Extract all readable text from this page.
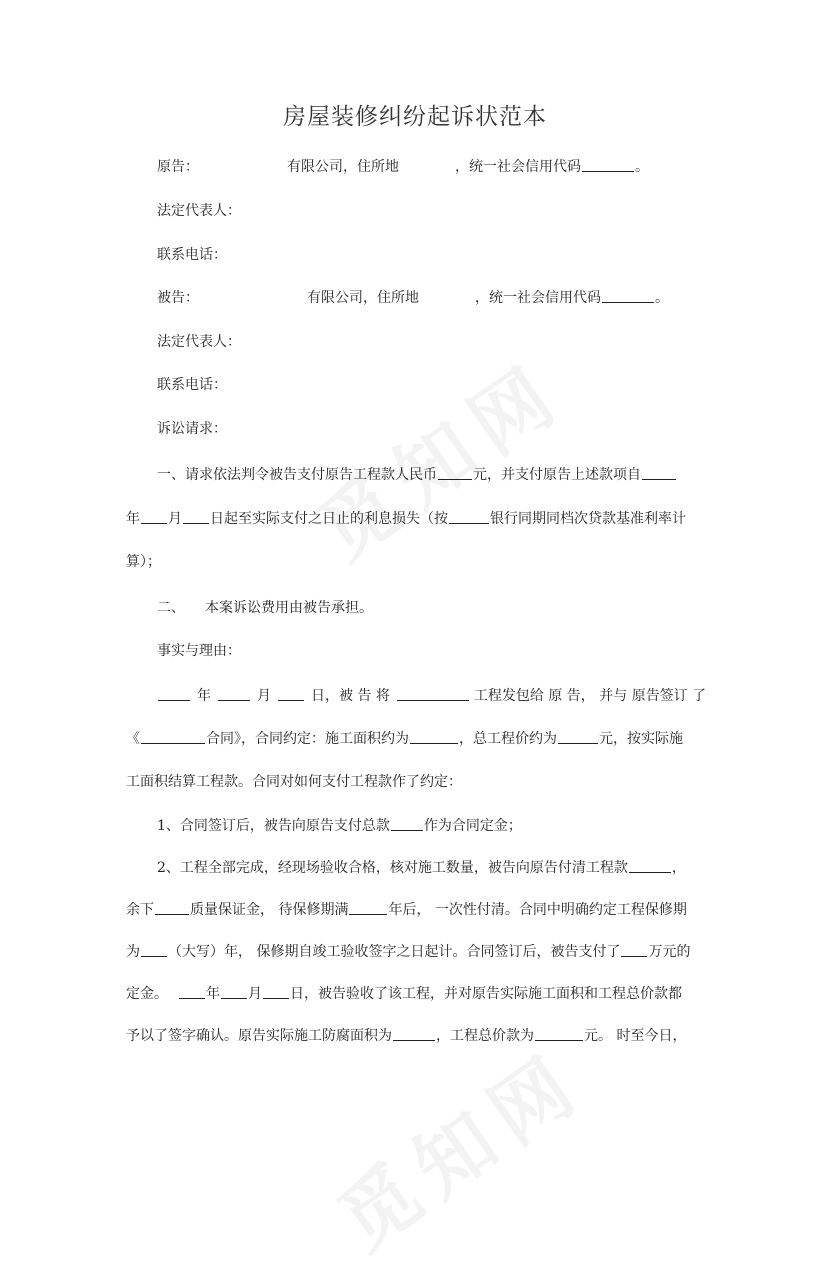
房屋装修纠纷起诉状范本
原告：	有限公司，住所地	，统一社会信用代码	。
法定代表人：
联系电话：
被告：	有限公司，住所地	，统一社会信用代码	。
法定代表人：
联系电话：
诉讼请求：
一、请求依法判令被告支付原告工程款人民币	元，并支付原告上述款项自
年 月 日起至实际支付之日止的利息损失（按	银行同期同档次贷款基准利率计
算）；
二、 本案诉讼费用由被告承担。
事实与理由：
年	月	日，被 告 将	工程发包给 原 告， 并与 原告签订 了
《	合同》，合同约定：施工面积约为	，总工程价约为	元，按实际施
工面积结算工程款。合同对如何支付工程款作了约定：
1、合同签订后，被告向原告支付总款 作为合同定金；
2、工程全部完成，经现场验收合格，核对施工数量，被告向原告付清工程款	，
余下	质量保证金， 待保修期满	年后， 一次性付清。合同中明确约定工程保修期
为 （大写）年， 保修期自竣工验收签字之日起计。合同签订后，被告支付了 万元的
定金。	年 月 日，被告验收了该工程，并对原告实际施工面积和工程总价款都
予以了签字确认。原告实际施工防腐面积为	，工程总价款为	元。 时至今日，
